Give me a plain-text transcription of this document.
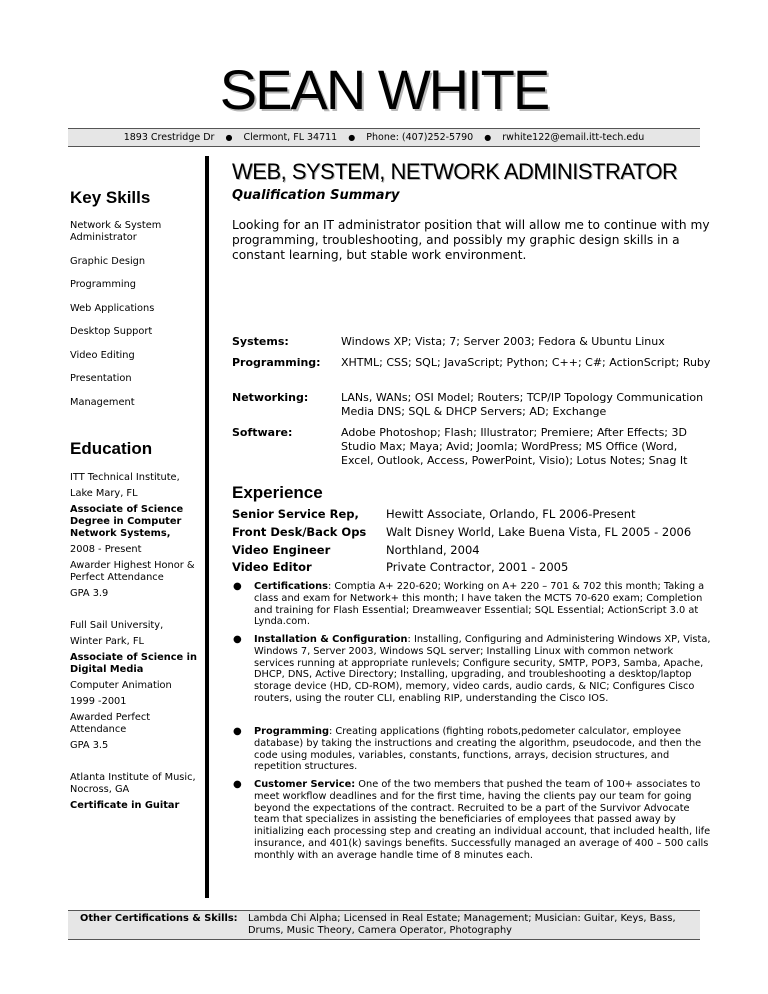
SEAN WHITE
1893 Crestridge Dr ● Clermont, FL 34711 ● Phone: (407)252-5790 ● rwhite122@email.itt-tech.edu
Key Skills
Network & System
Administrator
Graphic Design
Programming
Web Applications
Desktop Support
Video Editing
Presentation
Management
Education
ITT Technical Institute,
Lake Mary, FL
Associate of Science
Degree in Computer
Network Systems,
2008 - Present
Awarder Highest Honor &
Perfect Attendance
GPA 3.9
Full Sail University,
Winter Park, FL
Associate of Science in
Digital Media
Computer Animation
1999 -2001
Awarded Perfect
Attendance
GPA 3.5
Atlanta Institute of Music,
Nocross, GA
Certificate in Guitar
WEB, SYSTEM, NETWORK ADMINISTRATOR
Qualification Summary
Looking for an IT administrator position that will allow me to continue with my programming, troubleshooting, and possibly my graphic design skills in a constant learning, but stable work environment.
Systems:	Windows XP; Vista; 7; Server 2003; Fedora & Ubuntu Linux
Programming: XHTML; CSS; SQL; JavaScript; Python; C++; C#; ActionScript; Ruby
Networking:	LANs, WANs; OSI Model; Routers; TCP/IP Topology Communication Media DNS; SQL & DHCP Servers; AD; Exchange
Software:	Adobe Photoshop; Flash; Illustrator; Premiere; After Effects; 3D Studio Max; Maya; Avid; Joomla; WordPress; MS Office (Word, Excel, Outlook, Access, PowerPoint, Visio); Lotus Notes; Snag It
Experience
Senior Service Rep, Hewitt Associate, Orlando, FL 2006-Present
Front Desk/Back Ops Walt Disney World, Lake Buena Vista, FL 2005 - 2006
Video Engineer	Northland, 2004
Video Editor	Private Contractor, 2001 - 2005
● Certifications: Comptia A+ 220-620; Working on A+ 220 – 701 & 702 this month; Taking a class and exam for Network+ this month; I have taken the MCTS 70-620 exam; Completion and training for Flash Essential; Dreamweaver Essential; SQL Essential; ActionScript 3.0 at Lynda.com.
● Installation & Configuration: Installing, Configuring and Administering Windows XP, Vista, Windows 7, Server 2003, Windows SQL server; Installing Linux with common network services running at appropriate runlevels; Configure security, SMTP, POP3, Samba, Apache, DHCP, DNS, Active Directory; Installing, upgrading, and troubleshooting a desktop/laptop storage device (HD, CD-ROM), memory, video cards, audio cards, & NIC; Configures Cisco routers, using the router CLI, enabling RIP, understanding the Cisco IOS.
● Programming: Creating applications (fighting robots,pedometer calculator, employee database) by taking the instructions and creating the algorithm, pseudocode, and then the code using modules, variables, constants, functions, arrays, decision structures, and repetition structures.
● Customer Service: One of the two members that pushed the team of 100+ associates to meet workflow deadlines and for the first time, having the clients pay our team for going beyond the expectations of the contract. Recruited to be a part of the Survivor Advocate team that specializes in assisting the beneficiaries of employees that passed away by initializing each processing step and creating an individual account, that included health, life insurance, and 401(k) savings benefits. Successfully managed an average of 400 – 500 calls monthly with an average handle time of 8 minutes each.
Other Certifications & Skills: Lambda Chi Alpha; Licensed in Real Estate; Management; Musician: Guitar, Keys, Bass, Drums, Music Theory, Camera Operator, Photography
